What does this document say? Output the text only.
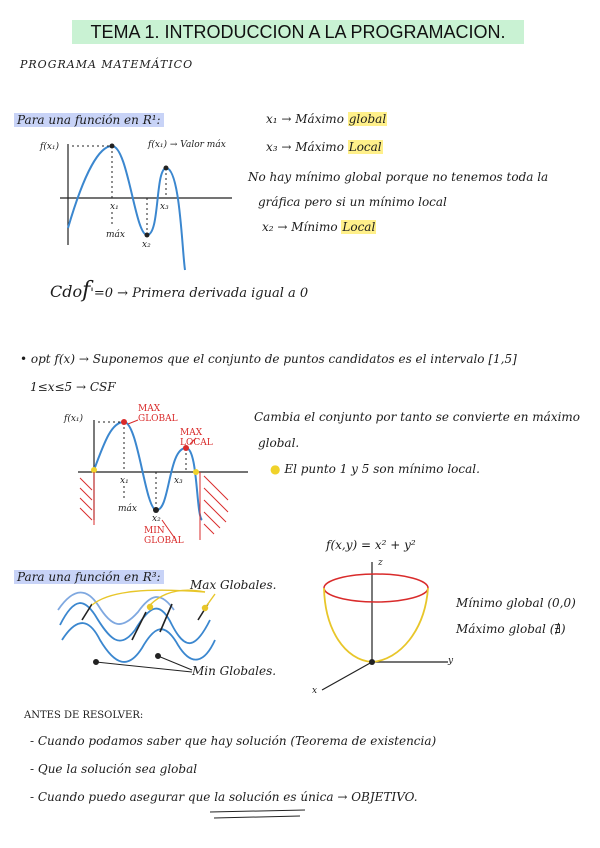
TEMA 1. INTRODUCCION A LA PROGRAMACION.
PROGRAMA MATEMÁTICO
Para una función en R¹:
f(x₁)	f(x₁) → Valor máx
x₁	x₃
x₂
máx
x₁ → Máximo global
x₃ → Máximo Local
No hay mínimo global porque no tenemos toda la
gráfica pero si un mínimo local
x₂ → Mínimo Local
Cdof'=0 → Primera derivada igual a 0
• opt f(x) → Suponemos que el conjunto de puntos candidatos es el intervalo [1,5]
1≤x≤5 → CSF
f(x₁)
MAX GLOBAL
MAX LOCAL
MIN GLOBAL
x₁	x₃
x₂
máx
Cambia el conjunto por tanto se convierte en máximo
global.
● El punto 1 y 5 son mínimo local.
Para una función en R³:
Max Globales.
Min Globales.
f(x,y) = x² + y²
z
y
x
Mínimo global (0,0)
Máximo global (∄)
ANTES DE RESOLVER:
- Cuando podamos saber que hay solución (Teorema de existencia)
- Que la solución sea global
- Cuando puedo asegurar que la solución es única → OBJETIVO.
